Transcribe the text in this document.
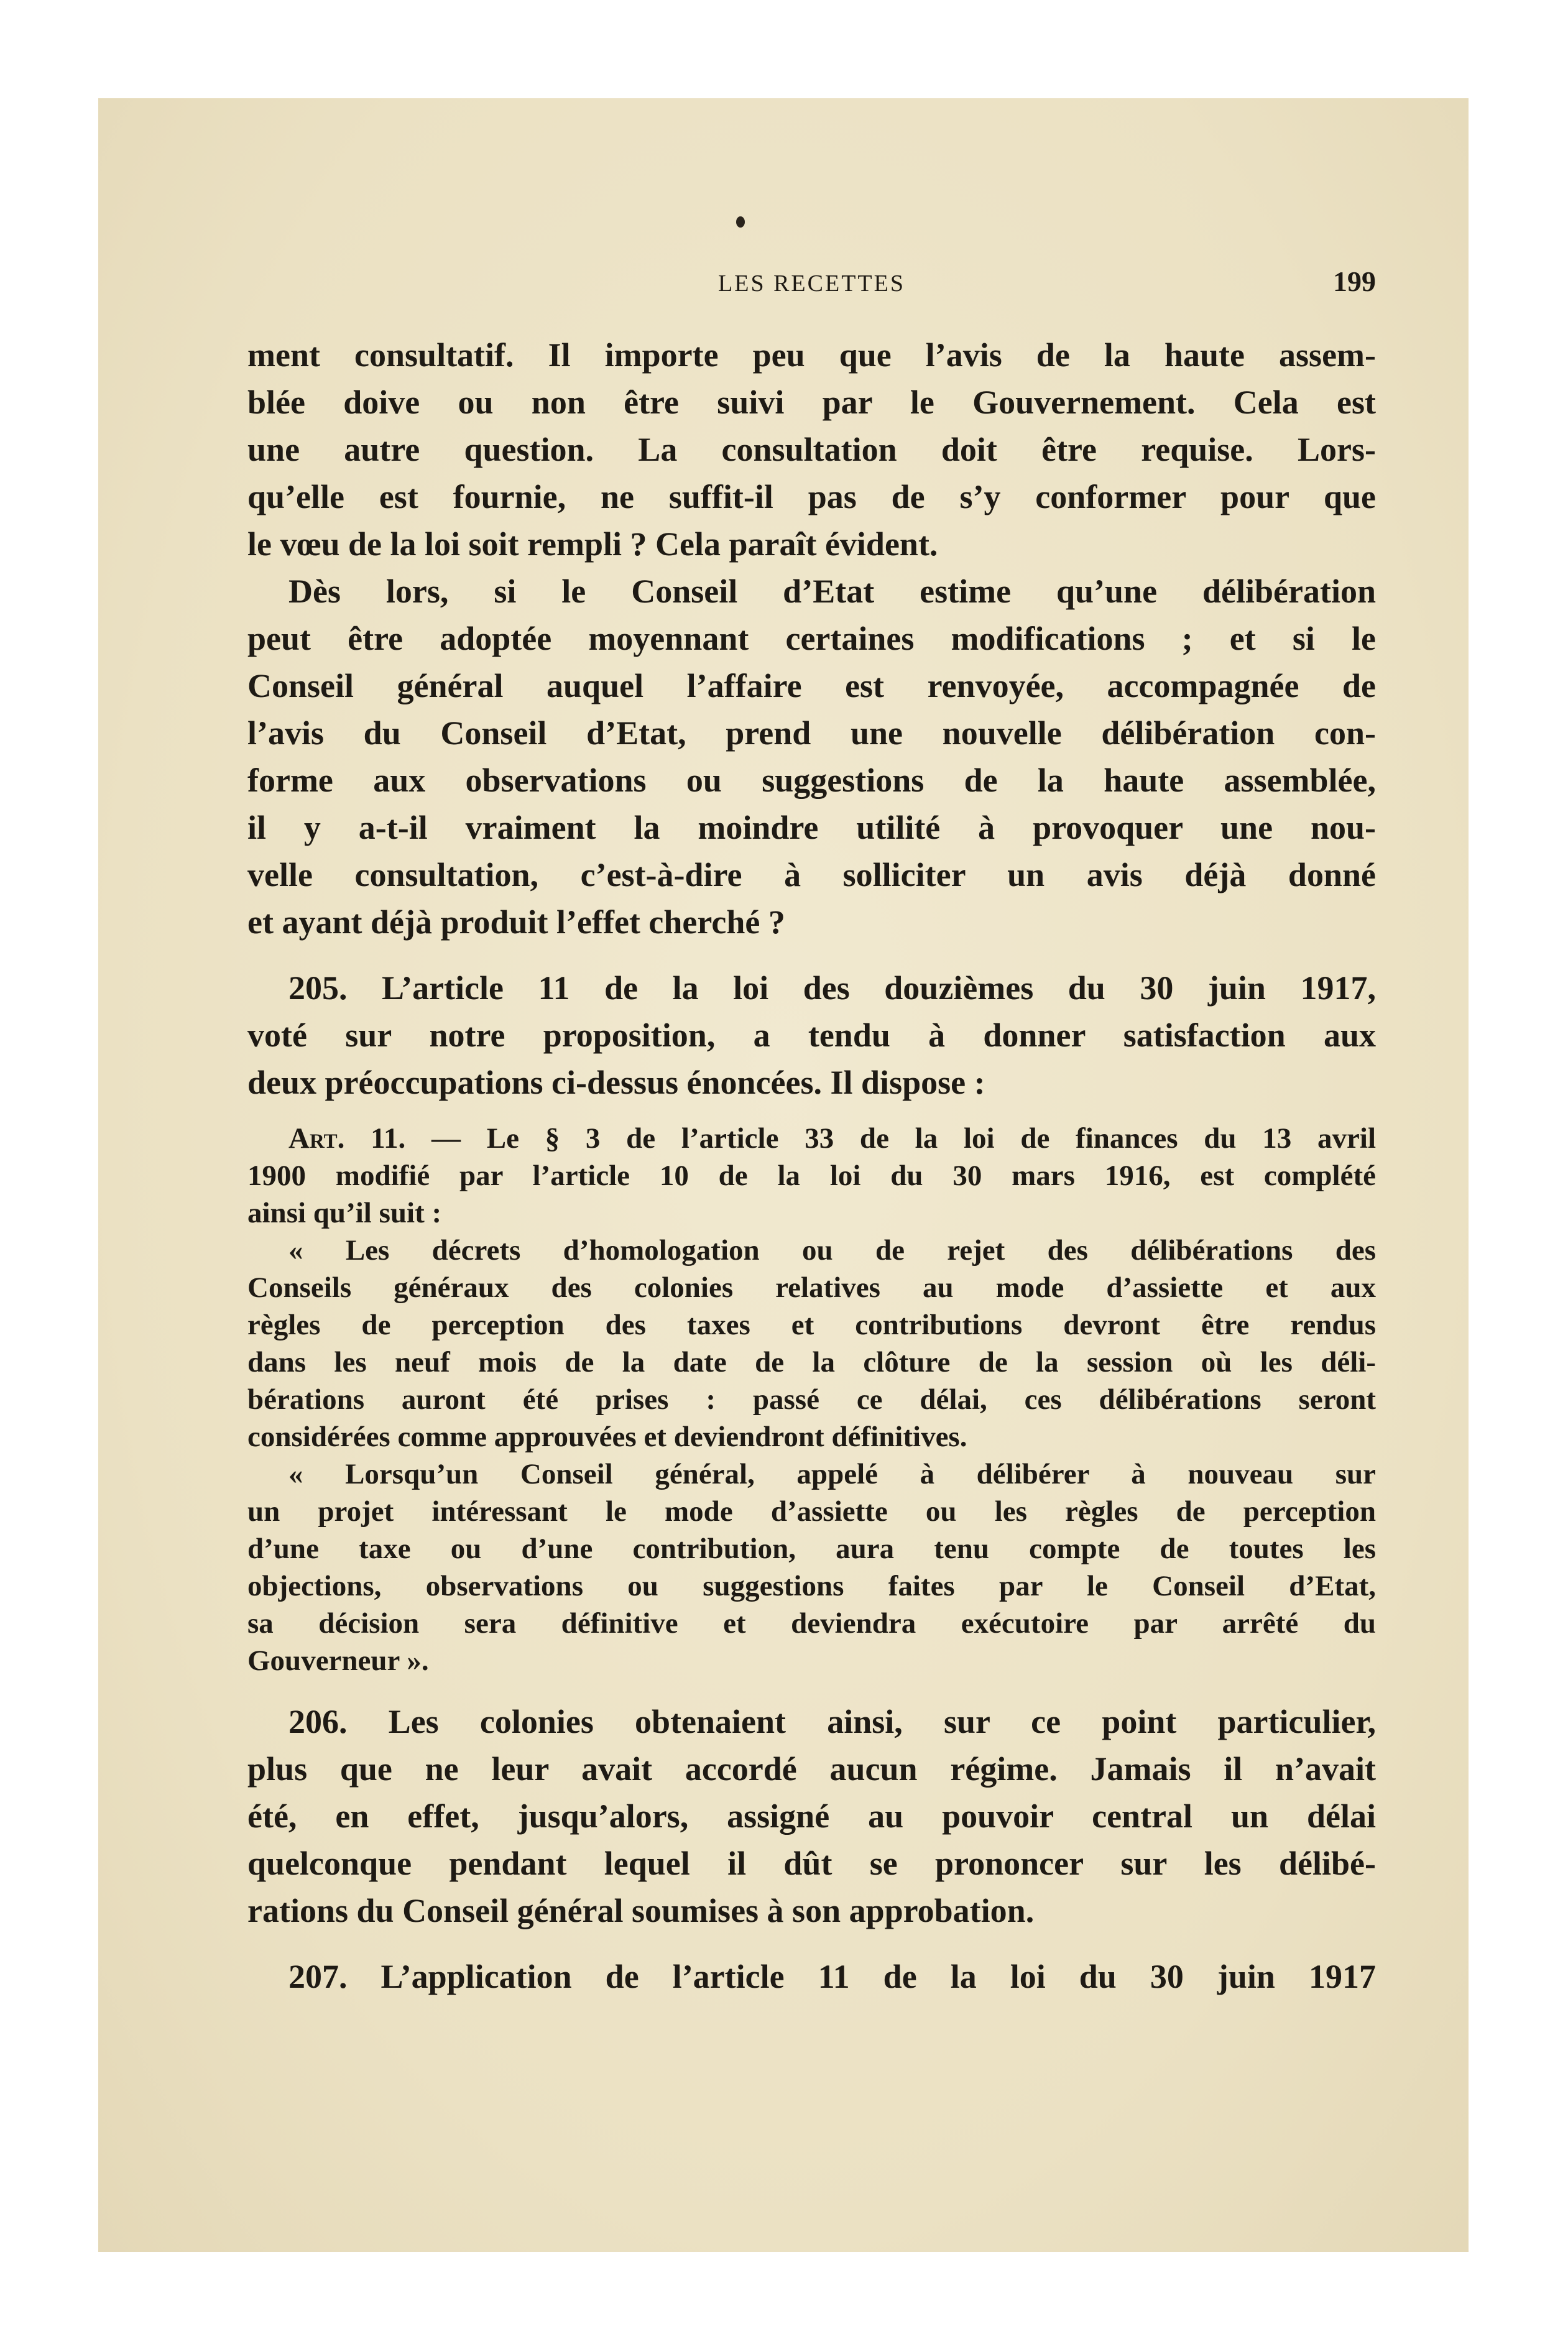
LES RECETTES	199
ment consultatif. Il importe peu que l’avis de la haute assem-
blée doive ou non être suivi par le Gouvernement. Cela est
une autre question. La consultation doit être requise. Lors-
qu’elle est fournie, ne suffit-il pas de s’y conformer pour que
le vœu de la loi soit rempli ? Cela paraît évident.
Dès lors, si le Conseil d’Etat estime qu’une délibération
peut être adoptée moyennant certaines modifications ; et si le
Conseil général auquel l’affaire est renvoyée, accompagnée de
l’avis du Conseil d’Etat, prend une nouvelle délibération con-
forme aux observations ou suggestions de la haute assemblée,
il y a-t-il vraiment la moindre utilité à provoquer une nou-
velle consultation, c’est-à-dire à solliciter un avis déjà donné
et ayant déjà produit l’effet cherché ?
205. L’article 11 de la loi des douzièmes du 30 juin 1917,
voté sur notre proposition, a tendu à donner satisfaction aux
deux préoccupations ci-dessus énoncées. Il dispose :
Art. 11. — Le § 3 de l’article 33 de la loi de finances du 13 avril
1900 modifié par l’article 10 de la loi du 30 mars 1916, est complété
ainsi qu’il suit :
« Les décrets d’homologation ou de rejet des délibérations des
Conseils généraux des colonies relatives au mode d’assiette et aux
règles de perception des taxes et contributions devront être rendus
dans les neuf mois de la date de la clôture de la session où les déli-
bérations auront été prises : passé ce délai, ces délibérations seront
considérées comme approuvées et deviendront définitives.
« Lorsqu’un Conseil général, appelé à délibérer à nouveau sur
un projet intéressant le mode d’assiette ou les règles de perception
d’une taxe ou d’une contribution, aura tenu compte de toutes les
objections, observations ou suggestions faites par le Conseil d’Etat,
sa décision sera définitive et deviendra exécutoire par arrêté du
Gouverneur ».
206. Les colonies obtenaient ainsi, sur ce point particulier,
plus que ne leur avait accordé aucun régime. Jamais il n’avait
été, en effet, jusqu’alors, assigné au pouvoir central un délai
quelconque pendant lequel il dût se prononcer sur les délibé-
rations du Conseil général soumises à son approbation.
207. L’application de l’article 11 de la loi du 30 juin 1917
